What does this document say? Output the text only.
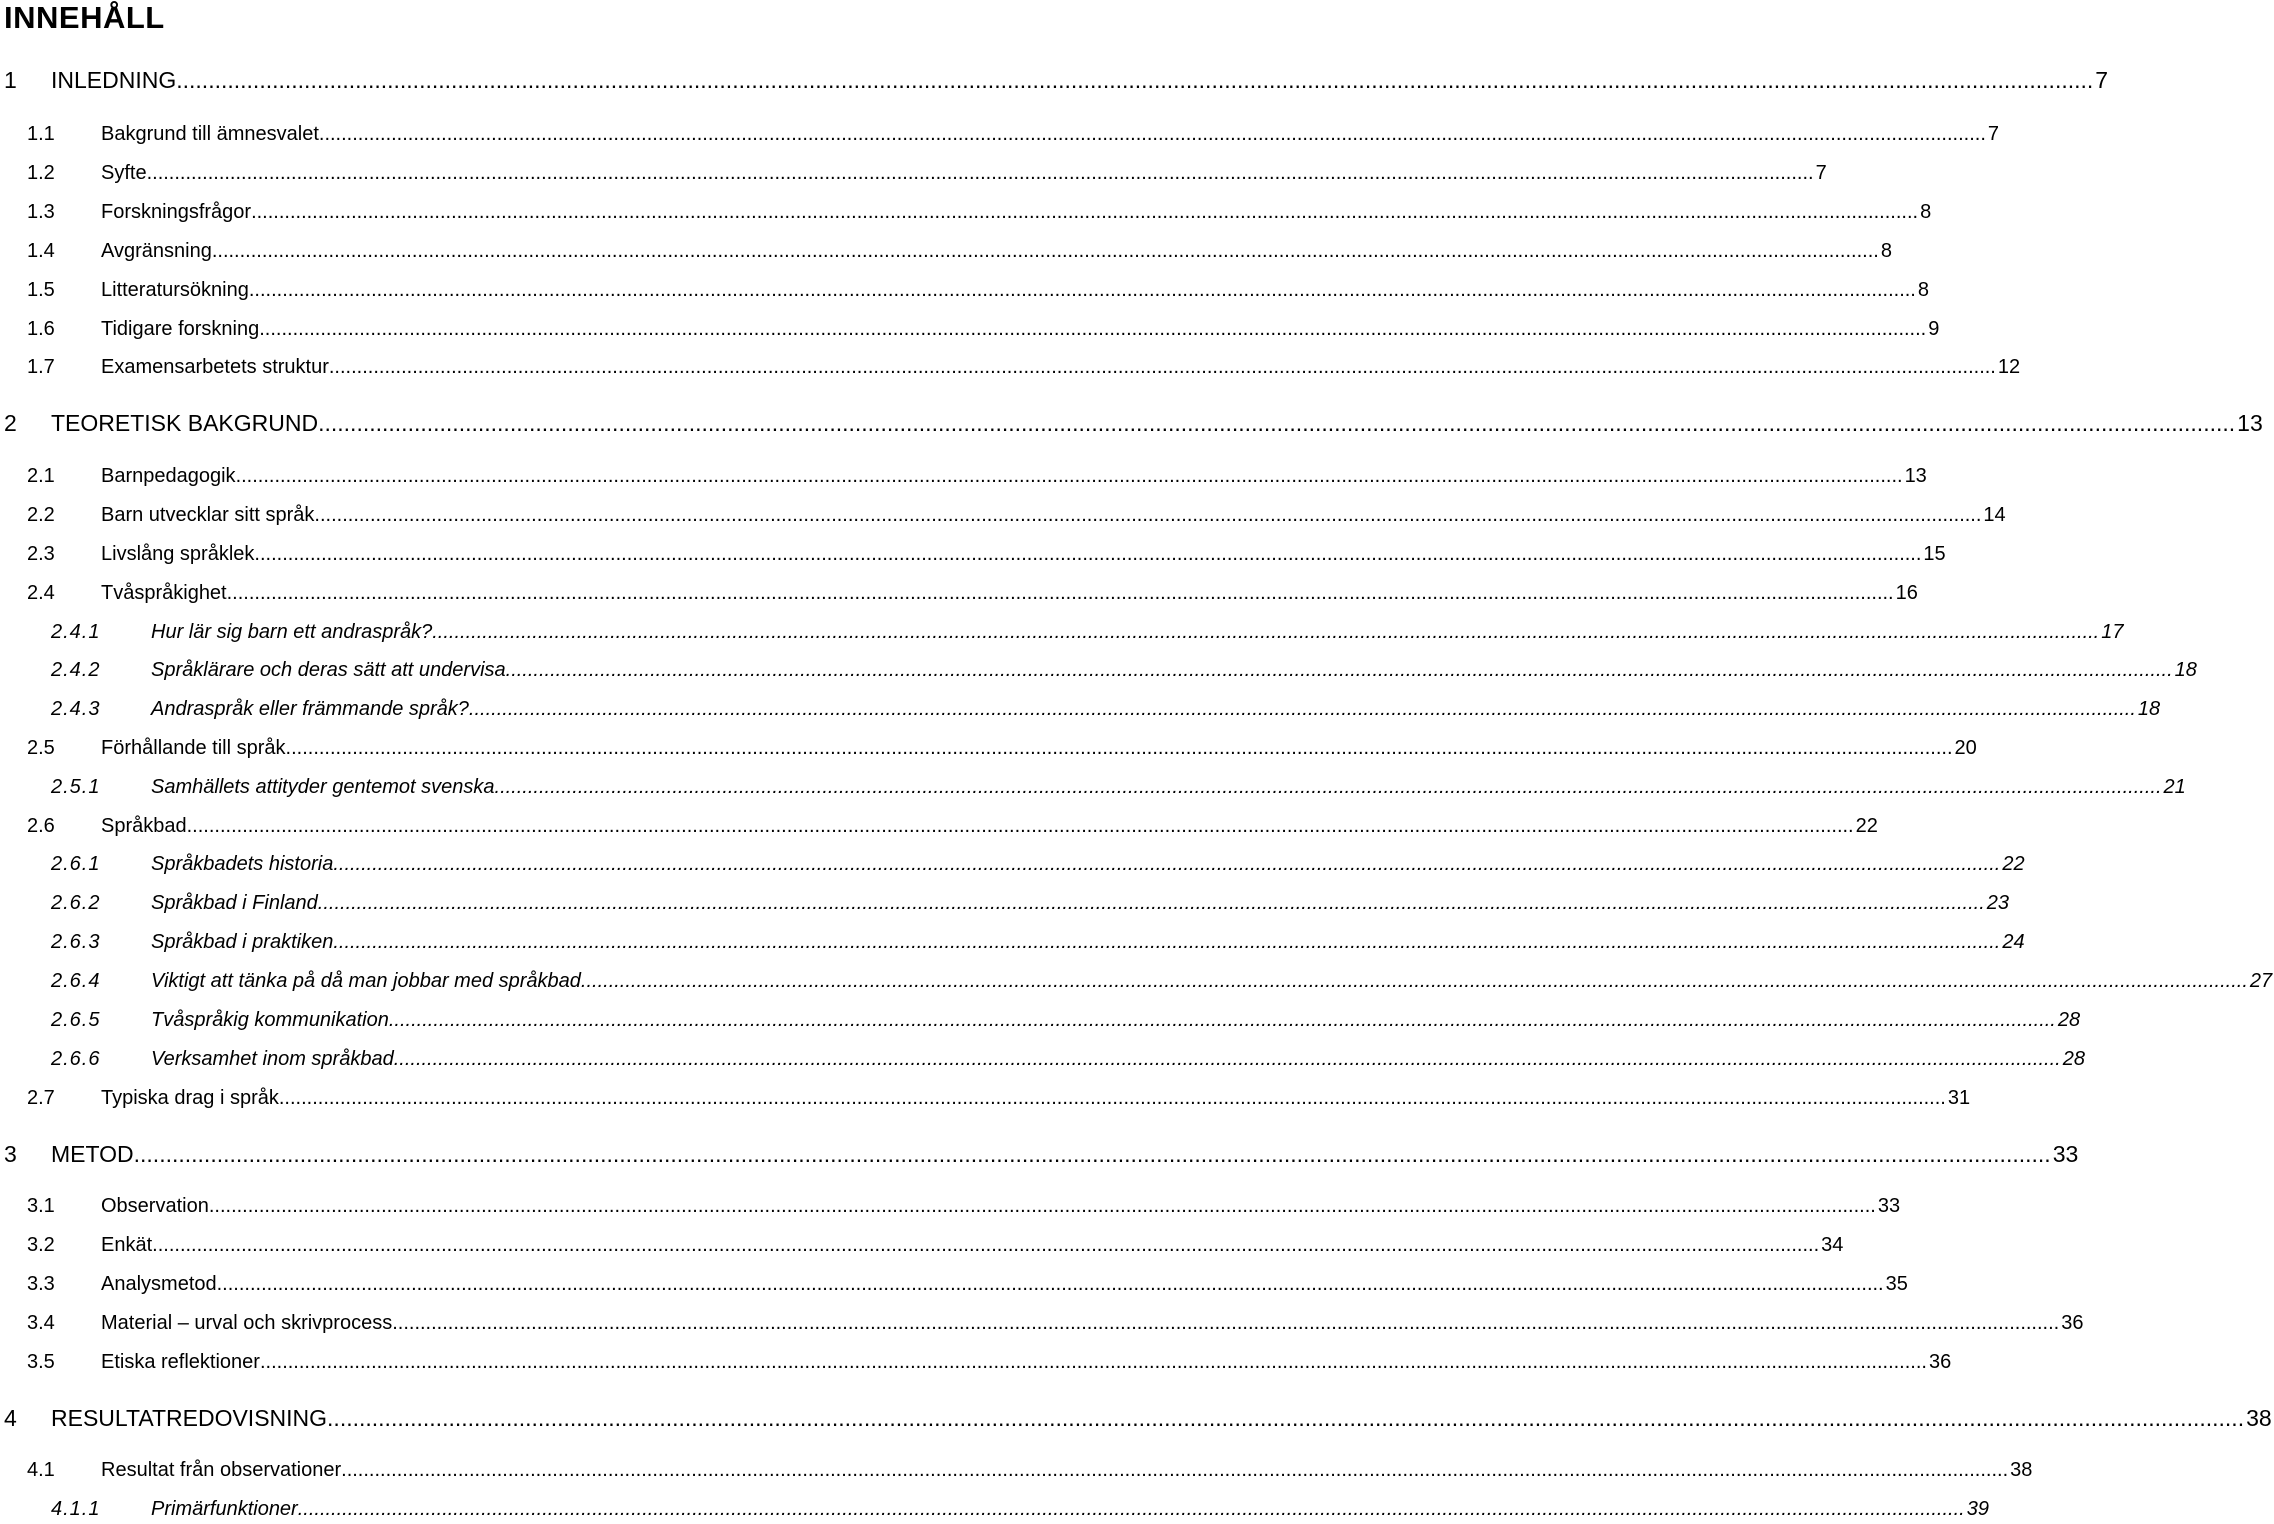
INNEHÅLL
1 INLEDNING ............................................................................................................................................................................................................................................................................................................ 7
1.1 Bakgrund till ämnesvalet ............................................................................................................................................................................................................................................................................................................ 7
1.2 Syfte ............................................................................................................................................................................................................................................................................................................ 7
1.3 Forskningsfrågor ............................................................................................................................................................................................................................................................................................................ 8
1.4 Avgränsning ............................................................................................................................................................................................................................................................................................................ 8
1.5 Litteratursökning ............................................................................................................................................................................................................................................................................................................ 8
1.6 Tidigare forskning ............................................................................................................................................................................................................................................................................................................ 9
1.7 Examensarbetets struktur ............................................................................................................................................................................................................................................................................................................ 12
2 TEORETISK BAKGRUND ............................................................................................................................................................................................................................................................................................................ 13
2.1 Barnpedagogik ............................................................................................................................................................................................................................................................................................................ 13
2.2 Barn utvecklar sitt språk ............................................................................................................................................................................................................................................................................................................ 14
2.3 Livslång språklek ............................................................................................................................................................................................................................................................................................................ 15
2.4 Tvåspråkighet ............................................................................................................................................................................................................................................................................................................ 16
2.4.1	Hur lär sig barn ett andraspråk? ............................................................................................................................................................................................................................................................................................................ 17
2.4.2	Språklärare och deras sätt att undervisa ............................................................................................................................................................................................................................................................................................................ 18
2.4.3	Andraspråk eller främmande språk? ............................................................................................................................................................................................................................................................................................................ 18
2.5 Förhållande till språk ............................................................................................................................................................................................................................................................................................................ 20
2.5.1	Samhällets attityder gentemot svenska ............................................................................................................................................................................................................................................................................................................ 21
2.6 Språkbad ............................................................................................................................................................................................................................................................................................................ 22
2.6.1	Språkbadets historia ............................................................................................................................................................................................................................................................................................................ 22
2.6.2	Språkbad i Finland ............................................................................................................................................................................................................................................................................................................ 23
2.6.3	Språkbad i praktiken ............................................................................................................................................................................................................................................................................................................ 24
2.6.4	Viktigt att tänka på då man jobbar med språkbad ............................................................................................................................................................................................................................................................................................................ 27
2.6.5	Tvåspråkig kommunikation ............................................................................................................................................................................................................................................................................................................ 28
2.6.6	Verksamhet inom språkbad ............................................................................................................................................................................................................................................................................................................ 28
2.7 Typiska drag i språk ............................................................................................................................................................................................................................................................................................................ 31
3 METOD ............................................................................................................................................................................................................................................................................................................ 33
3.1 Observation ............................................................................................................................................................................................................................................................................................................ 33
3.2 Enkät ............................................................................................................................................................................................................................................................................................................ 34
3.3 Analysmetod ............................................................................................................................................................................................................................................................................................................ 35
3.4 Material – urval och skrivprocess ............................................................................................................................................................................................................................................................................................................ 36
3.5 Etiska reflektioner ............................................................................................................................................................................................................................................................................................................ 36
4 RESULTATREDOVISNING ............................................................................................................................................................................................................................................................................................................ 38
4.1 Resultat från observationer ............................................................................................................................................................................................................................................................................................................ 38
4.1.1	Primärfunktioner ............................................................................................................................................................................................................................................................................................................ 39
